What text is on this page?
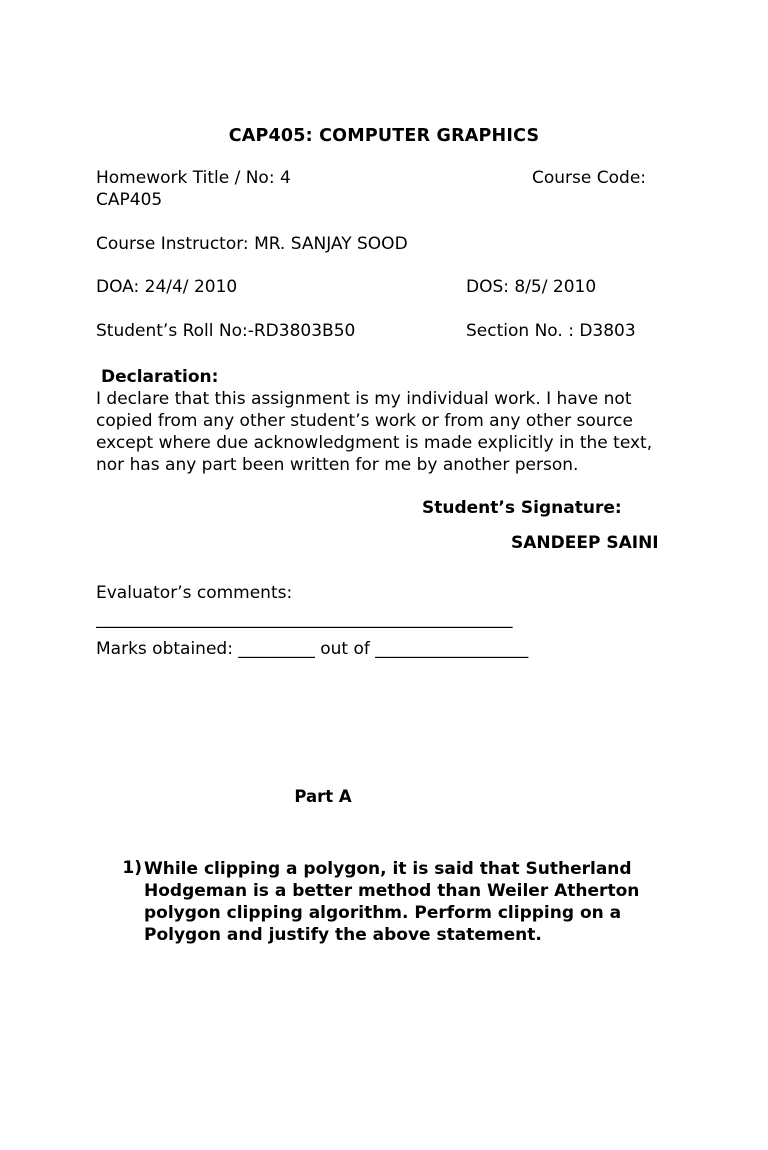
CAP405: COMPUTER GRAPHICS
Homework Title / No: 4	Course Code:
CAP405
Course Instructor: MR. SANJAY SOOD
DOA: 24/4/ 2010	DOS: 8/5/ 2010
Student’s Roll No:-RD3803B50	Section No. : D3803
Declaration:
I declare that this assignment is my individual work. I have not copied from any other student’s work or from any other source except where due acknowledgment is made explicitly in the text, nor has any part been written for me by another person.
Student’s Signature:
SANDEEP SAINI
Evaluator’s comments:
____________________________________________________
Marks obtained: _________ out of __________________
Part A
1) While clipping a polygon, it is said that Sutherland Hodgeman is a better method than Weiler Atherton polygon clipping algorithm. Perform clipping on a Polygon and justify the above statement.
